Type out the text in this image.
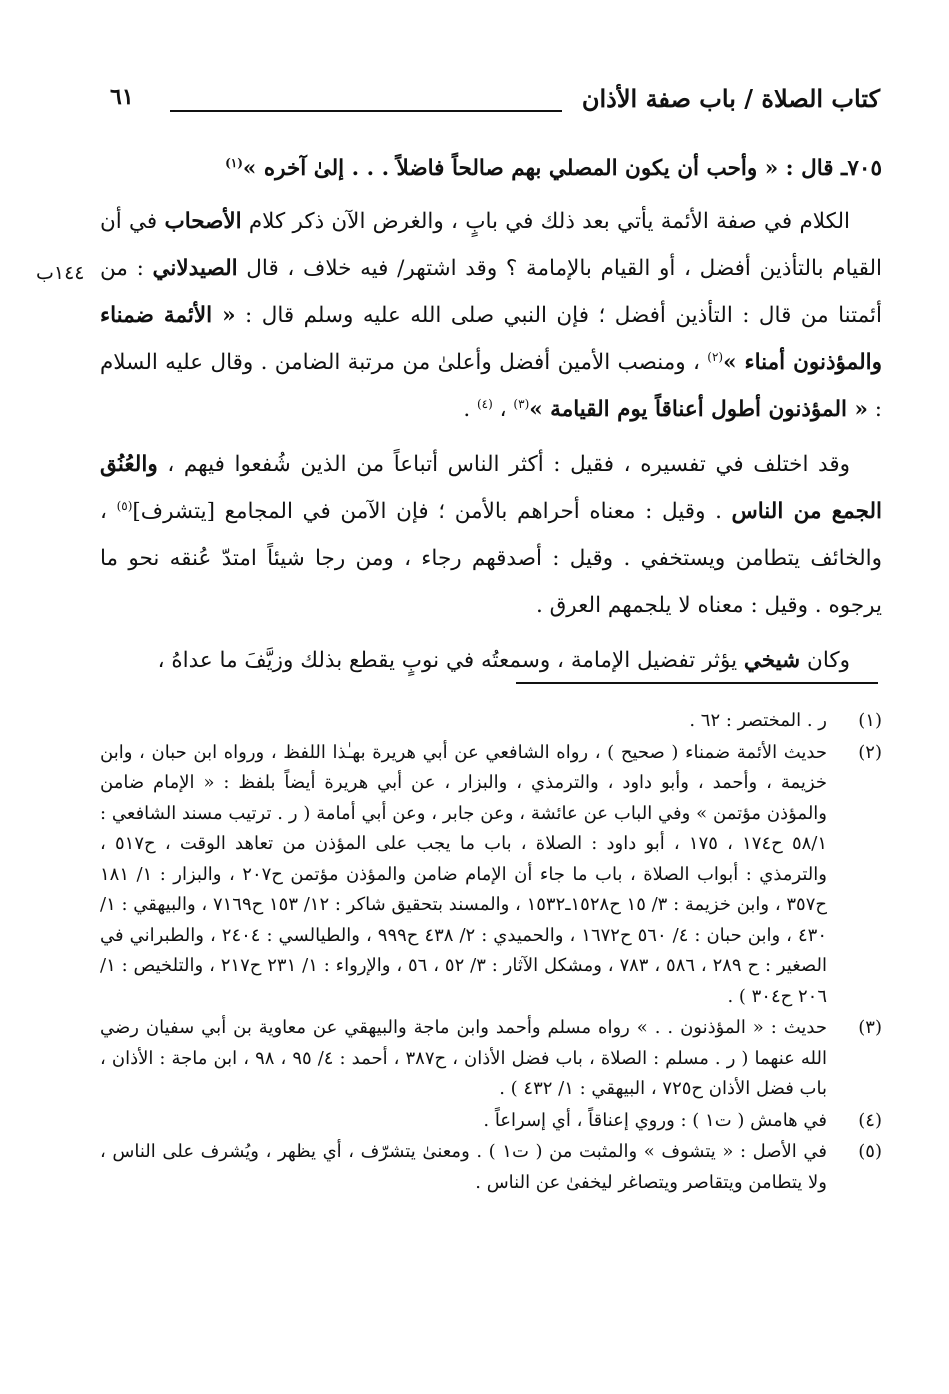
كتاب الصلاة / باب صفة الأذان
٦١

٧٠٥ـ قال : « وأحب أن يكون المصلي بهم صالحاً فاضلاً . . . إلىٰ آخره »$^{(١)}$

الكلام في صفة الأئمة يأتي بعد ذلك في بابٍ ، والغرض الآن ذكر كلام الأصحاب في أن القيام بالتأذين أفضل ، أو القيام بالإمامة ؟ وقد اشتهر/ فيه خلاف ، قال الصيدلاني : من أئمتنا من قال : التأذين أفضل ؛ فإن النبي صلى الله عليه وسلم قال : « الأئمة ضمناء والمؤذنون أمناء »$^{(٢)}$ ، ومنصب الأمين أفضل وأعلىٰ من مرتبة الضامن . وقال عليه السلام : « المؤذنون أطول أعناقاً يوم القيامة »$^{(٣)}$ ، $^{(٤)}$ .

وقد اختلف في تفسيره ، فقيل : أكثر الناس أتباعاً من الذين شُفعوا فيهم ، والعُنُق الجمع من الناس . وقيل : معناه أحراهم بالأمن ؛ فإن الآمن في المجامع [يتشرف]$^{(٥)}$ ، والخائف يتطامن ويستخفي . وقيل : أصدقهم رجاء ، ومن رجا شيئاً امتدّ عُنقه نحو ما يرجوه . وقيل : معناه لا يلجمهم العرق .

وكان شيخي يؤثر تفضيل الإمامة ، وسمعتُه في نوبٍ يقطع بذلك وزيَّفَ ما عداهُ ،

١٤٤ب
(١)
ر . المختصر : ٦٢ .
(٢)
حديث الأئمة ضمناء ( صحيح ) ، رواه الشافعي عن أبي هريرة بهـٰذا اللفظ ، ورواه ابن حبان ، وابن خزيمة ، وأحمد ، وأبو داود ، والترمذي ، والبزار ، عن أبي هريرة أيضاً بلفظ : « الإمام ضامن والمؤذن مؤتمن » وفي الباب عن عائشة ، وعن جابر ، وعن أبي أمامة ( ر . ترتيب مسند الشافعي : ٥٨/١ ح١٧٤ ، ١٧٥ ، أبو داود : الصلاة ، باب ما يجب على المؤذن من تعاهد الوقت ، ح٥١٧ ، والترمذي : أبواب الصلاة ، باب ما جاء أن الإمام ضامن والمؤذن مؤتمن ح٢٠٧ ، والبزار : ١/ ١٨١ ح٣٥٧ ، وابن خزيمة : ٣/ ١٥ ح١٥٢٨ـ١٥٣٢ ، والمسند بتحقيق شاكر : ١٢/ ١٥٣ ح٧١٦٩ ، والبيهقي : ١/ ٤٣٠ ، وابن حبان : ٤/ ٥٦٠ ح١٦٧٢ ، والحميدي : ٢/ ٤٣٨ ح٩٩٩ ، والطيالسي : ٢٤٠٤ ، والطبراني في الصغير : ح ٢٨٩ ، ٥٨٦ ، ٧٨٣ ، ومشكل الآثار : ٣/ ٥٢ ، ٥٦ ، والإرواء : ١/ ٢٣١ ح٢١٧ ، والتلخيص : ١/ ٢٠٦ ح٣٠٤ ) .
(٣)
حديث : « المؤذنون . . » رواه مسلم وأحمد وابن ماجة والبيهقي عن معاوية بن أبي سفيان رضي الله عنهما ( ر . مسلم : الصلاة ، باب فضل الأذان ، ح٣٨٧ ، أحمد : ٤/ ٩٥ ، ٩٨ ، ابن ماجة : الأذان ، باب فضل الأذان ح٧٢٥ ، البيهقي : ١/ ٤٣٢ ) .
(٤)
في هامش ( ت١ ) : وروي إعناقاً ، أي إسراعاً .
(٥)
في الأصل : « يتشوف » والمثبت من ( ت١ ) . ومعنىٰ يتشرّف ، أي يظهر ، ويُشرف على الناس ، ولا يتطامن ويتقاصر ويتصاغر ليخفىٰ عن الناس .
